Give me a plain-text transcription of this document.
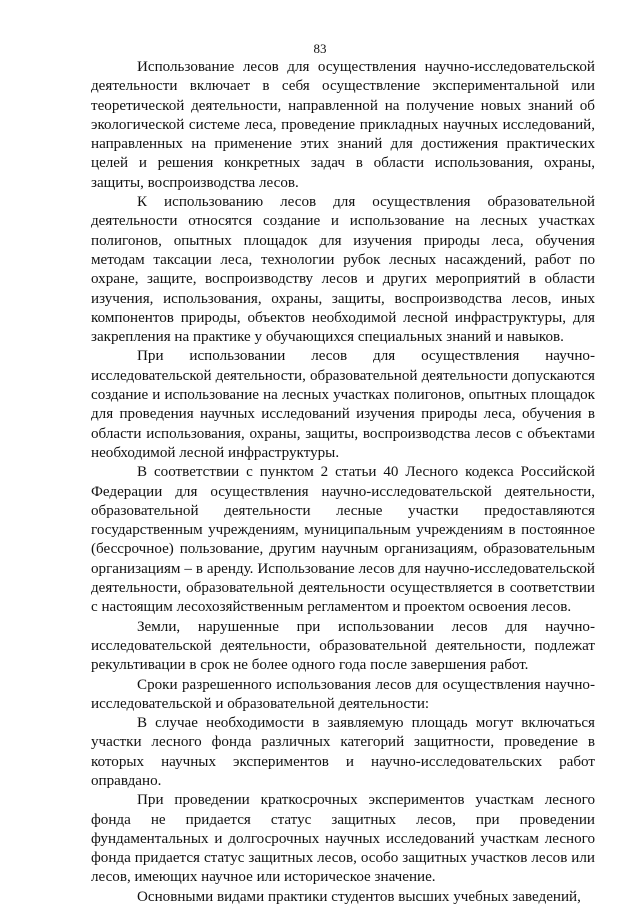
83

Использование лесов для осуществления научно-исследовательской деятельности включает в себя осуществление экспериментальной или теоретической деятельности, направленной на получение новых знаний об экологической системе леса, проведение прикладных научных исследований, направленных на применение этих знаний для достижения практических целей и решения конкретных задач в области использования, охраны, защиты, воспроизводства лесов.

К использованию лесов для осуществления образовательной деятельности относятся создание и использование на лесных участках полигонов, опытных площадок для изучения природы леса, обучения методам таксации леса, технологии рубок лесных насаждений, работ по охране, защите, воспроизводству лесов и других мероприятий в области изучения, использования, охраны, защиты, воспроизводства лесов, иных компонентов природы, объектов необходимой лесной инфраструктуры, для закрепления на практике у обучающихся специальных знаний и навыков.

При использовании лесов для осуществления научно-исследовательской деятельности, образовательной деятельности допускаются создание и использование на лесных участках полигонов, опытных площадок для проведения научных исследований изучения природы леса, обучения в области использования, охраны, защиты, воспроизводства лесов с объектами необходимой лесной инфраструктуры.

В соответствии с пунктом 2 статьи 40 Лесного кодекса Российской Федерации для осуществления научно-исследовательской деятельности, образовательной деятельности лесные участки предоставляются государственным учреждениям, муниципальным учреждениям в постоянное (бессрочное) пользование, другим научным организациям, образовательным организациям – в аренду. Использование лесов для научно-исследовательской деятельности, образовательной деятельности осуществляется в соответствии с настоящим лесохозяйственным регламентом и проектом освоения лесов.

Земли, нарушенные при использовании лесов для научно-исследовательской деятельности, образовательной деятельности, подлежат рекультивации в срок не более одного года после завершения работ.

Сроки разрешенного использования лесов для осуществления научно-исследовательской и образовательной деятельности:

В случае необходимости в заявляемую площадь могут включаться участки лесного фонда различных категорий защитности, проведение в которых научных экспериментов и научно-исследовательских работ оправдано.

При проведении краткосрочных экспериментов участкам лесного фонда не придается статус защитных лесов, при проведении фундаментальных и долгосрочных научных исследований участкам лесного фонда придается статус защитных лесов, особо защитных участков лесов или лесов, имеющих научное или историческое значение.

Основными видами практики студентов высших учебных заведений,
